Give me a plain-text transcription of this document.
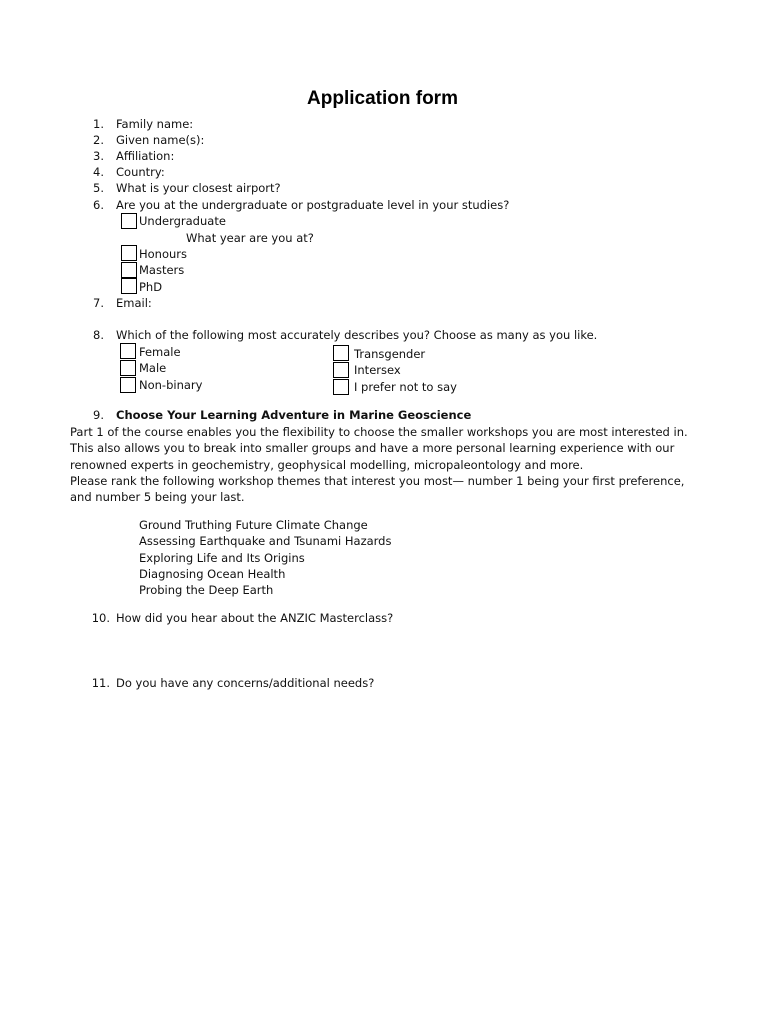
Application form
1. Family name:
2. Given name(s):
3. Affiliation:
4. Country:
5. What is your closest airport?
6. Are you at the undergraduate or postgraduate level in your studies?
Undergraduate
What year are you at?
Honours
Masters
PhD
7. Email:
8. Which of the following most accurately describes you? Choose as many as you like.
Female
Male
Non-binary
Transgender
Intersex
I prefer not to say
9. Choose Your Learning Adventure in Marine Geoscience
Part 1 of the course enables you the flexibility to choose the smaller workshops you are most interested in.
This also allows you to break into smaller groups and have a more personal learning experience with our
renowned experts in geochemistry, geophysical modelling, micropaleontology and more.
Please rank the following workshop themes that interest you most— number 1 being your first preference,
and number 5 being your last.
Ground Truthing Future Climate Change
Assessing Earthquake and Tsunami Hazards
Exploring Life and Its Origins
Diagnosing Ocean Health
Probing the Deep Earth
10. How did you hear about the ANZIC Masterclass?
11. Do you have any concerns/additional needs?
